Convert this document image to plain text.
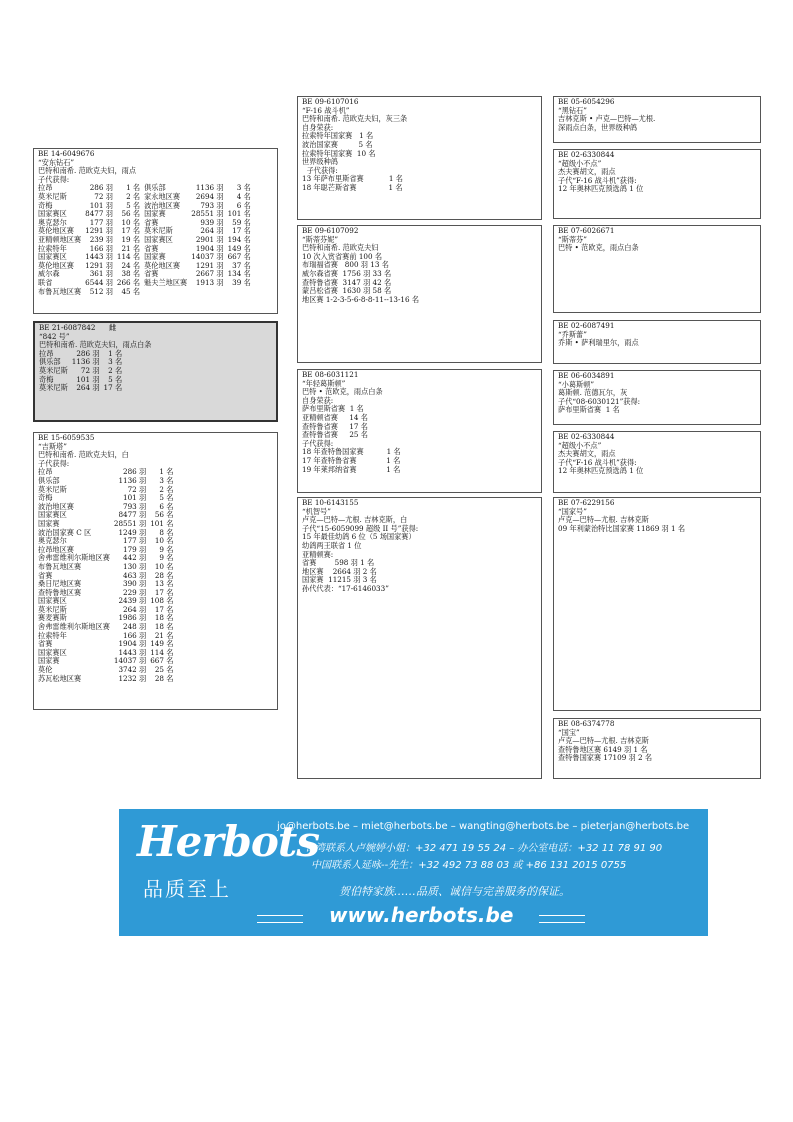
BE 14-6049676
“安东钻石”
巴特和南希. 范欧克夫妇，雨点
子代获得:
拉昂	286 羽	1 名	俱乐部	1136 羽	3 名
莫米尼斯	72 羽	2 名	家永地区赛	2694 羽	4 名
奇梅	101 羽	5 名	波治地区赛	793 羽	6 名
国家赛区	8477 羽	56 名	国家赛	28551 羽	101 名
奥克瑟尔	177 羽	10 名	省赛	939 羽	59 名
莫伦地区赛	1291 羽	17 名	莫米尼斯	264 羽	17 名
亚精顿地区赛	239 羽	19 名	国家赛区	2901 羽	194 名
拉索特年	166 羽	21 名	省赛	1904 羽	149 名
国家赛区	1443 羽	114 名	国家赛	14037 羽	667 名
莫伦地区赛	1291 羽	24 名	莫伦地区赛	1291 羽	37 名
威尔森	361 羽	38 名	省赛	2667 羽	134 名
联省	6544 羽	266 名	魁夫兰地区赛	1913 羽	39 名
布鲁瓦地区赛	512 羽	45 名			
BE 21-6087842 雌
“842 号”
巴特和南希. 范欧克夫妇，雨点白条
拉昂	286 羽	1 名
俱乐部	1136 羽	3 名
莫米尼斯	72 羽	2 名
奇梅	101 羽	5 名
莫米尼斯	264 羽	17 名
BE 15-6059535
“吉斯塔”
巴特和南希. 范欧克夫妇，白
子代获得:
拉昂	286 羽	1 名
俱乐部	1136 羽	3 名
莫米尼斯	72 羽	2 名
奇梅	101 羽	5 名
波治地区赛	793 羽	6 名
国家赛区	8477 羽	56 名
国家赛	28551 羽	101 名
波治国家赛 C 区	1249 羽	8 名
奥克瑟尔	177 羽	10 名
拉昂地区赛	179 羽	9 名
舍弗雷维利尔斯地区赛	442 羽	9 名
布鲁瓦地区赛	130 羽	10 名
省赛	463 羽	28 名
桑日尼地区赛	390 羽	13 名
查特鲁地区赛	229 羽	17 名
国家赛区	2439 羽	108 名
莫米尼斯	264 羽	17 名
赛麦赛斯	1986 羽	18 名
舍弗雷维利尔斯地区赛	248 羽	18 名
拉索特年	166 羽	21 名
省赛	1904 羽	149 名
国家赛区	1443 羽	114 名
国家赛	14037 羽	667 名
莫伦	3742 羽	25 名
苏瓦松地区赛	1232 羽	28 名
BE 09-6107016
“F-16 战斗机”
巴特和南希. 范欧克夫妇，灰三条
自身荣获:
拉索特年国家赛   1 名
波治国家赛         5 名
拉索特年国家赛  10 名
世界级种鸽
子代获得:
13 年萨布里斯省赛           1 名
18 年聪芒斯省赛              1 名
BE 09-6107092
“斯蒂芬妮”
巴特和南希. 范欧克夫妇
10 次入赏省赛前 100 名
布瑞福省赛   800 羽 13 名
威尔森省赛  1756 羽 33 名
查特鲁省赛  3147 羽 42 名
蒙吕松省赛  1630 羽 58 名
地区赛 1-2-3-5-6-8-8-11--13-16 名
BE 08-6031121
“年轻葛斯顿”
巴特 • 范欧克，雨点白条
自身荣获:
萨布里斯省赛  1 名
亚精顿省赛     14 名
查特鲁省赛     17 名
查特鲁省赛     25 名
子代获得:
18 年查特鲁国家赛          1 名
17 年查特鲁省赛             1 名
19 年莱邦纳省赛             1 名
BE 10-6143155
“机智号”
卢克—巴特—尤根. 吉林克斯，白
子代“15-6059099 超级 II 号”获得:
15 年最佳幼鸽 6 位（5 场国家赛）
幼鸽两王联省 1 位
亚精顿赛:
省赛        598 羽 1 名
地区赛    2664 羽 2 名
国家赛  11215 羽 3 名
孙代代表：“17-6146033”
BE 05-6054296
“黑钻石”
吉林克斯 • 卢克—巴特—尤根.
深雨点白条，世界级种鸽
BE 02-6330844
“超级小不点”
杰夫赛胡文，雨点
子代“F-16 战斗机”获得:
12 年奥林匹克预选鸽 1 位
BE 07-6026671
“斯蒂芬”
巴特 • 范欧克，雨点白条
BE 02-6087491
“乔斯蕾”
乔斯 • 萨利瑞里尔，雨点
BE 06-6034891
“小葛斯顿”
葛斯顿. 范德瓦尔，灰
子代“08-6030121”获得:
萨布里斯省赛  1 名
BE 02-6330844
“超级小不点”
杰夫赛胡文，雨点
子代“F-16 战斗机”获得:
12 年奥林匹克预选鸽 1 位
BE 07-6229156
“国家号”
卢克—巴特—尤根. 吉林克斯
09 年利蒙治特比国家赛 11869 羽 1 名
BE 08-6374778
“国宝”
卢克—巴特—尤根. 吉林克斯
查特鲁地区赛 6149 羽 1 名
查特鲁国家赛 17109 羽 2 名
Herbots
品质至上
jo@herbots.be – miet@herbots.be – wangting@herbots.be – pieterjan@herbots.be
台湾联系人卢婉婷小姐：+32 471 19 55 24 – 办公室电话：+32 11 78 91 90
中国联系人延咏--先生：+32 492 73 88 03 或 +86 131 2015 0755
贺伯特家族……品质、诚信与完善服务的保证。
www.herbots.be
